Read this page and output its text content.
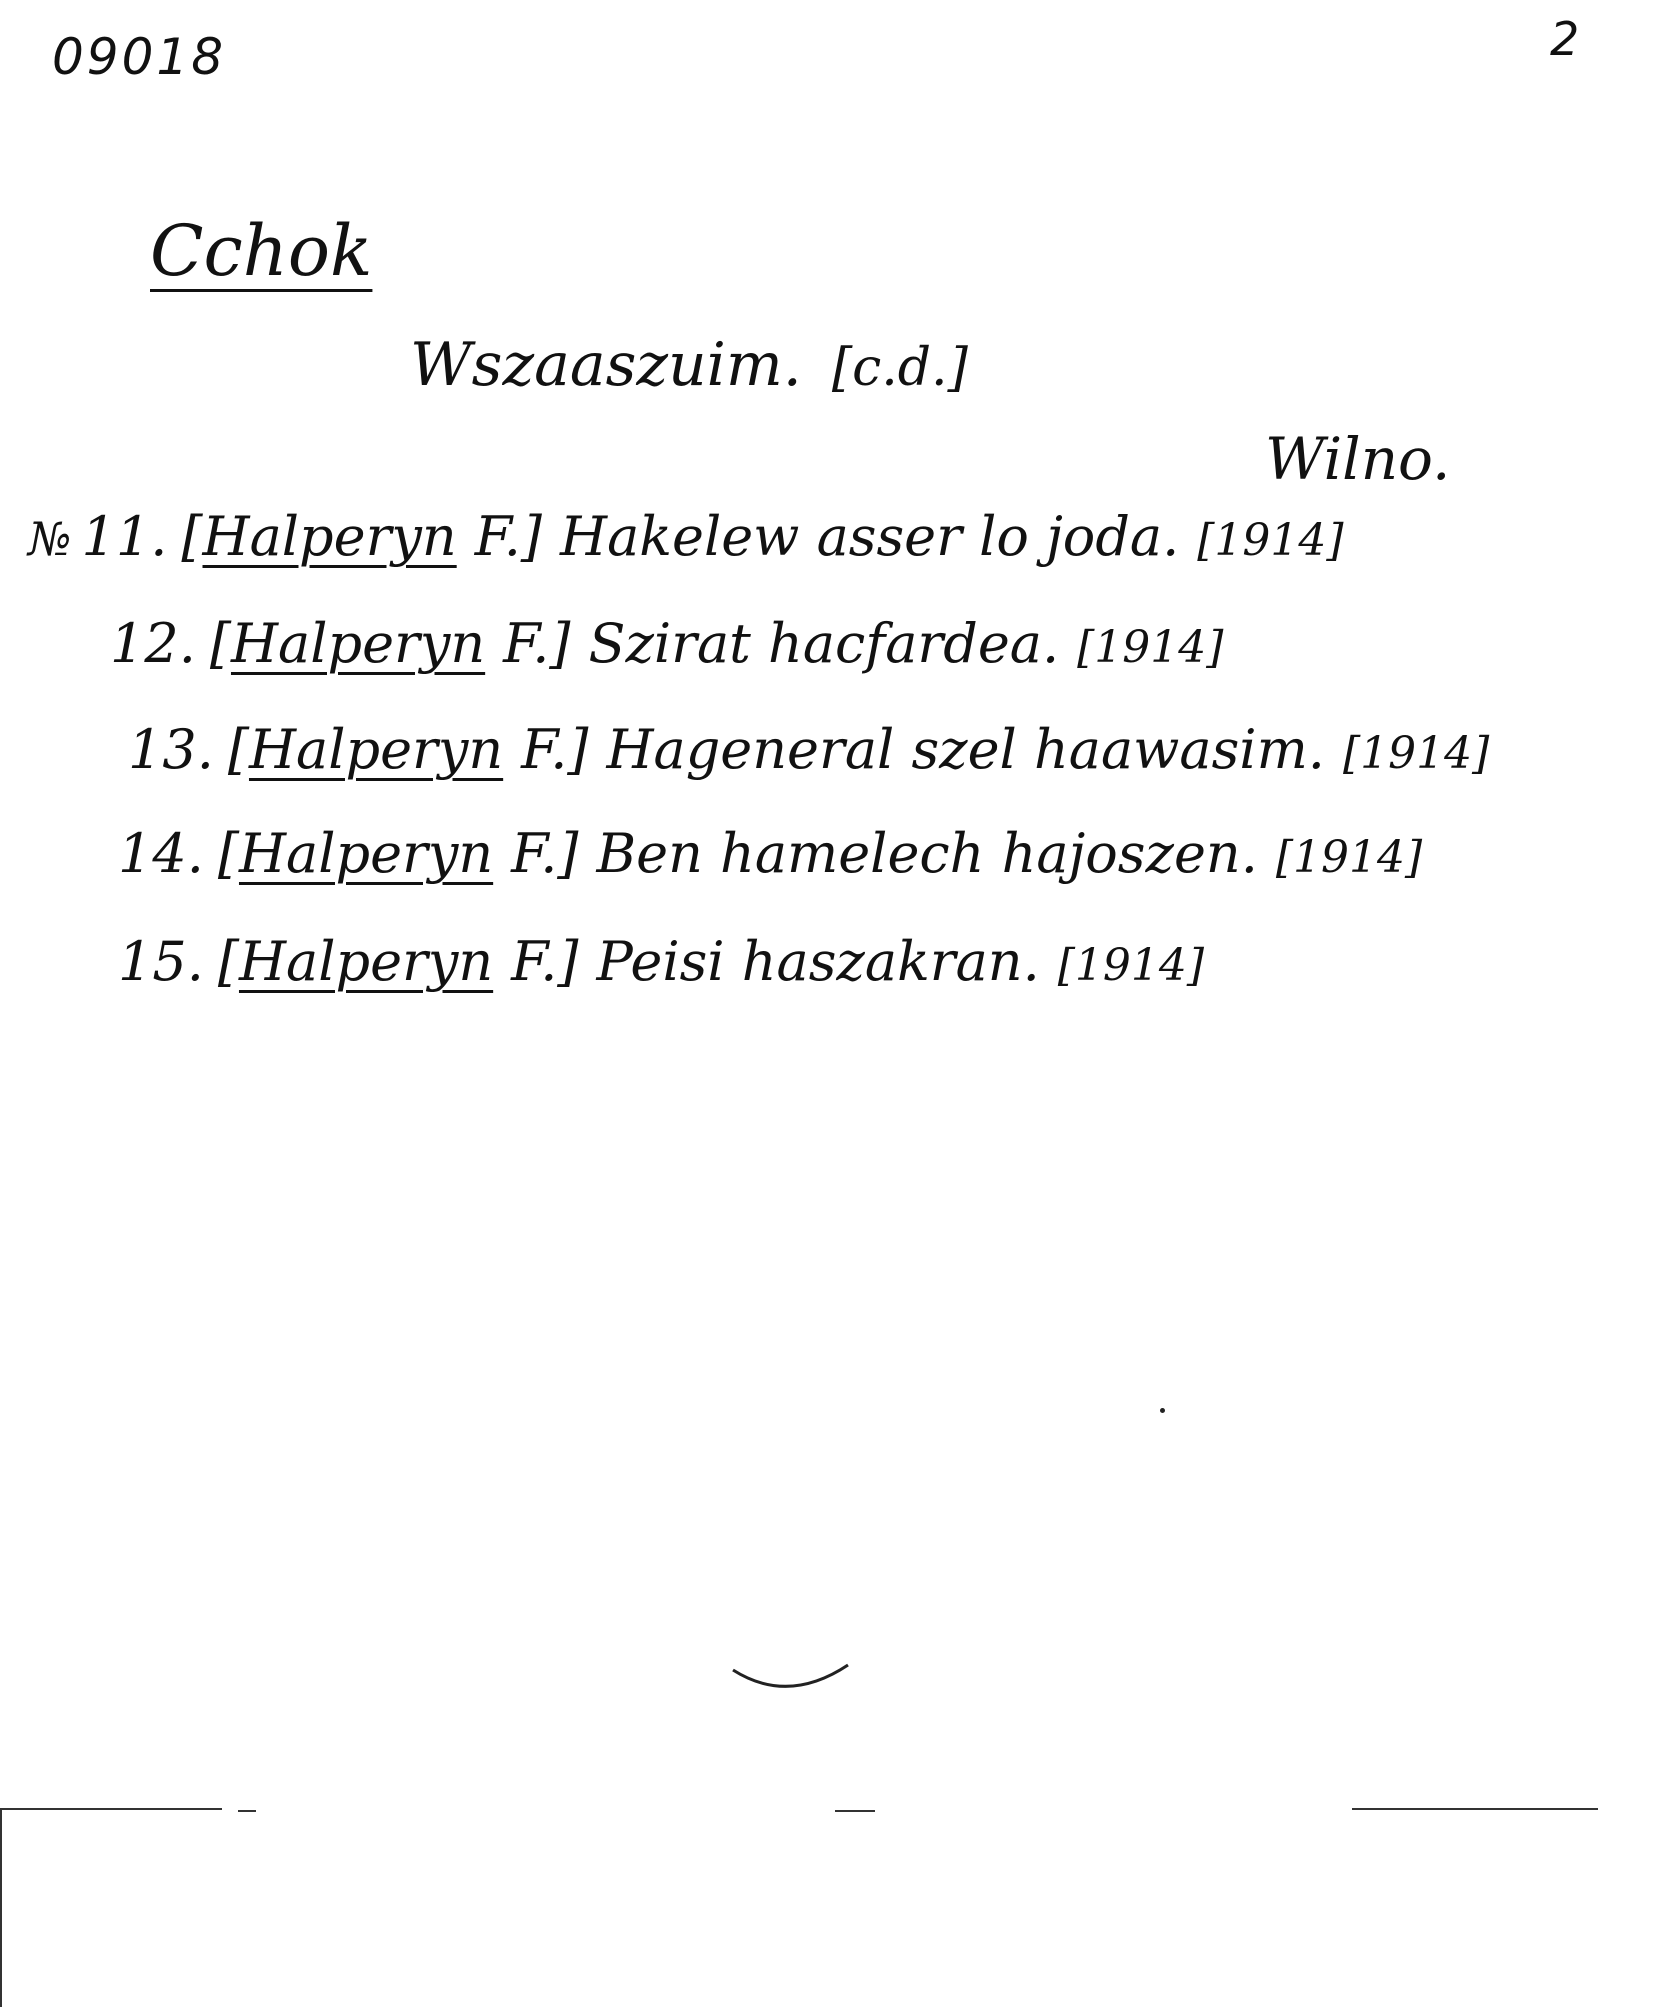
09018	2
Cchok
Wszaaszuim. [c.d.]
Wilno.
№ 11. [Halperyn F.] Hakelew asser lo joda. [1914]
12. [Halperyn F.] Szirat hacfardea. [1914]
13. [Halperyn F.] Hageneral szel haawasim. [1914]
14. [Halperyn F.] Ben hamelech hajoszen. [1914]
15. [Halperyn F.] Peisi haszakran. [1914]
